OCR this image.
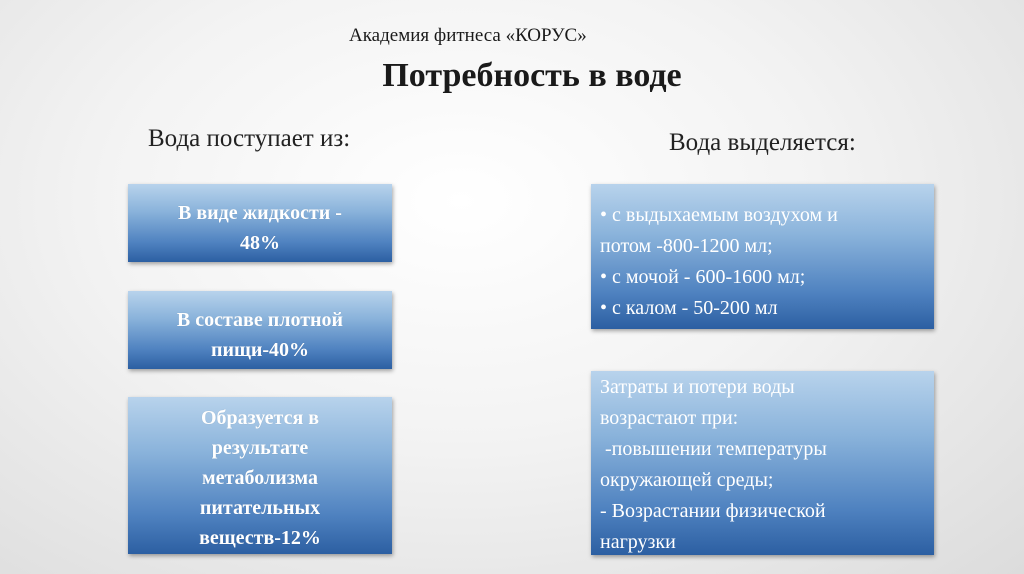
Академия фитнеса «КОРУС»
Потребность в воде
Вода поступает из:	Вода выделяется:
В виде жидкости -
48%
В составе плотной
пищи-40%
Образуется в
результате
метаболизма
питательных
веществ-12%
• с выдыхаемым воздухом и
потом -800-1200 мл;
• с мочой - 600-1600 мл;
• с калом - 50-200 мл
Затраты и потери воды
возрастают при:
-повышении температуры
окружающей среды;
- Возрастании физической
нагрузки
